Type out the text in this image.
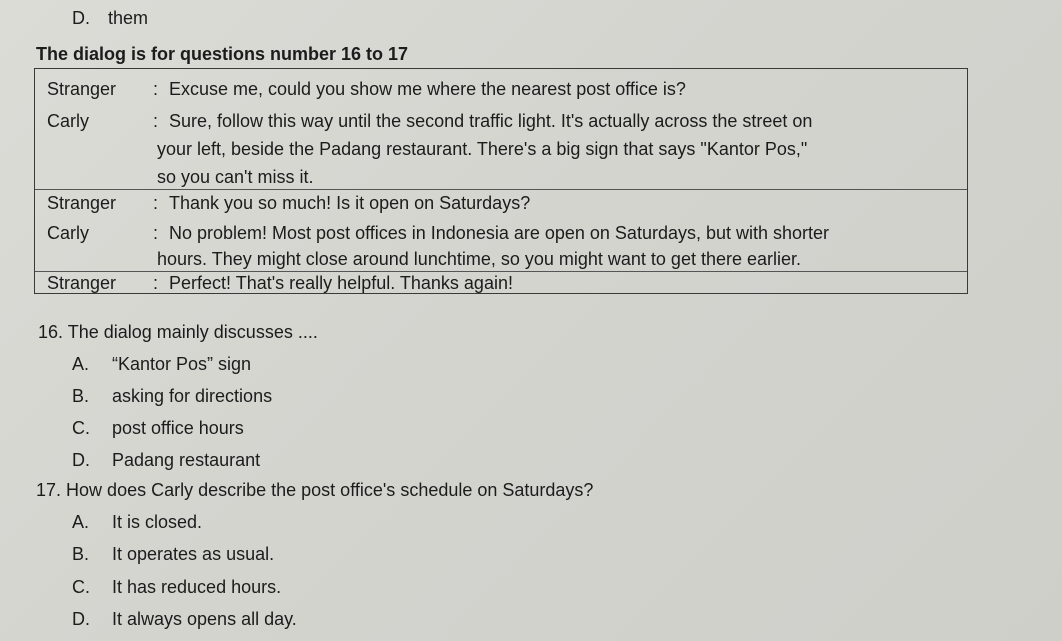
D. them
The dialog is for questions number 16 to 17
Stranger : Excuse me, could you show me where the nearest post office is?
Carly	: Sure, follow this way until the second traffic light. It's actually across the street on
your left, beside the Padang restaurant. There's a big sign that says "Kantor Pos,"
so you can't miss it.
Stranger : Thank you so much! Is it open on Saturdays?
Carly	: No problem! Most post offices in Indonesia are open on Saturdays, but with shorter
hours. They might close around lunchtime, so you might want to get there earlier.
Stranger : Perfect! That's really helpful. Thanks again!
16. The dialog mainly discusses ....
A. “Kantor Pos” sign
B. asking for directions
C. post office hours
D. Padang restaurant
17. How does Carly describe the post office's schedule on Saturdays?
A. It is closed.
B. It operates as usual.
C. It has reduced hours.
D. It always opens all day.
